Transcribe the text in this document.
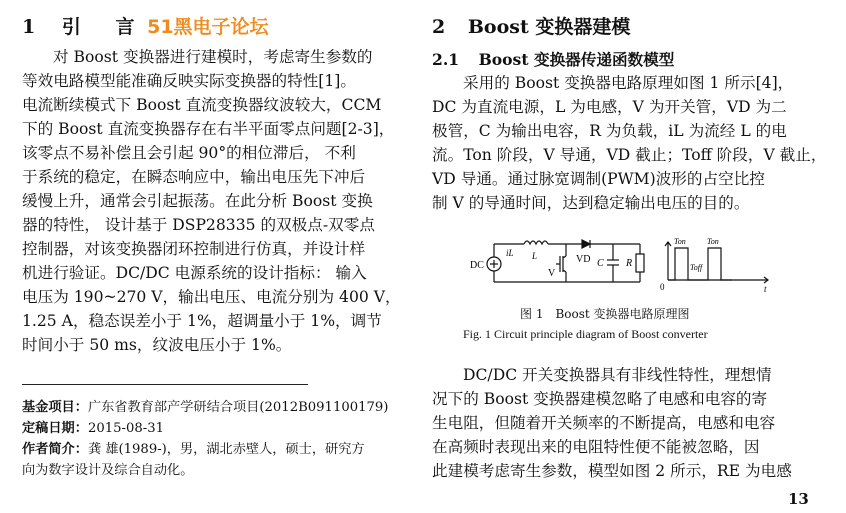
1 引 言 51黑电子论坛
对 Boost 变换器进行建模时，考虑寄生参数的
等效电路模型能准确反映实际变换器的特性[1]。
电流断续模式下 Boost 直流变换器纹波较大，CCM
下的 Boost 直流变换器存在右半平面零点问题[2-3]，
该零点不易补偿且会引起 90°的相位滞后， 不利
于系统的稳定，在瞬态响应中，输出电压先下冲后
缓慢上升，通常会引起振荡。在此分析 Boost 变换
器的特性， 设计基于 DSP28335 的双极点-双零点
控制器，对该变换器闭环控制进行仿真，并设计样
机进行验证。DC/DC 电源系统的设计指标： 输入
电压为 190~270 V，输出电压、电流分别为 400 V，
1.25 A，稳态误差小于 1%，超调量小于 1%，调节
时间小于 50 ms，纹波电压小于 1%。
基金项目：广东省教育部产学研结合项目(2012B091100179)
定稿日期：2015-08-31
作者简介：龚 雄(1989-)，男，湖北赤壁人，硕士，研究方
向为数字设计及综合自动化。
2 Boost 变换器建模
2.1 Boost 变换器传递函数模型
采用的 Boost 变换器电路原理如图 1 所示[4]，
DC 为直流电源，L 为电感，V 为开关管，VD 为二
极管，C 为输出电容，R 为负载，iL 为流经 L 的电
流。Ton 阶段，V 导通，VD 截止；Toff 阶段，V 截止，
VD 导通。通过脉宽调制(PWM)波形的占空比控
制 V 的导通时间，达到稳定输出电压的目的。
DC
iL L
V
VD C R
Ton
Toff
Ton
0	t
图 1　Boost 变换器电路原理图
Fig. 1 Circuit principle diagram of Boost converter
DC/DC 开关变换器具有非线性特性，理想情
况下的 Boost 变换器建模忽略了电感和电容的寄
生电阻，但随着开关频率的不断提高，电感和电容
在高频时表现出来的电阻特性便不能被忽略，因
此建模考虑寄生参数，模型如图 2 所示，RE 为电感
13
